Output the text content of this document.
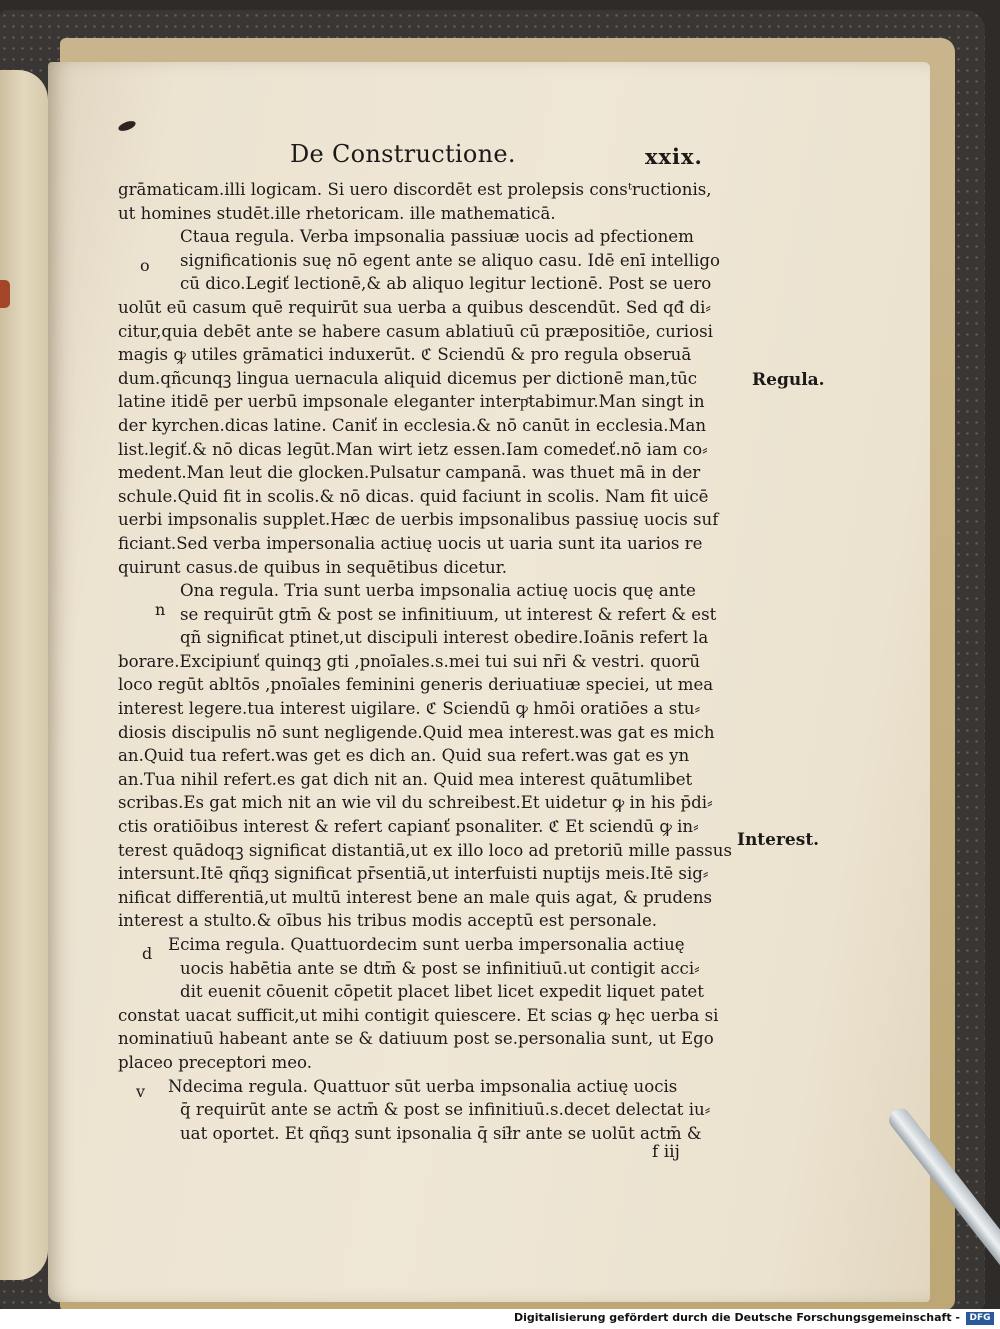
De Constructione.	xxix.
grāmaticam.illi logicam. Si uero discordēt est prolepsis consᵗructionis,
ut homines studēt.ille rhetoricam. ille mathematicā.
Ctaua regula. Verba impsonalia passiuæ uocis ad pfectionem
significationis suę nō egent ante se aliquo casu. Idē enī intelligo
cū dico.Legiť lectionē,& ab aliquo legitur lectionē. Post se uero
uolūt eū casum quē requirūt sua uerba a quibus descendūt. Sed qđ di⸗
citur,quia debēt ante se habere casum ablatiuū cū præpositiōe, curiosi
magis ꝙ utiles grāmatici induxerūt. ℭ Sciendū & pro regula obseruā
dum.qñcunqꝫ lingua uernacula aliquid dicemus per dictionē man,tūc
latine itidē per uerbū impsonale eleganter interpͨtabimur.Man singt in
der kyrchen.dicas latine. Caniť in ecclesia.& nō canūt in ecclesia.Man
list.legiť.& nō dicas legūt.Man wirt ietz essen.Iam comedeť.nō iam co⸗
medent.Man leut die glocken.Pulsatur campanā. was thuet mā in der
schule.Quid fit in scolis.& nō dicas. quid faciunt in scolis. Nam fit uicē
uerbi impsonalis supplet.Hæc de uerbis impsonalibus passiuę uocis suf
ficiant.Sed verba impersonalia actiuę uocis ut uaria sunt ita uarios re
quirunt casus.de quibus in sequētibus dicetur.
Ona regula. Tria sunt uerba impsonalia actiuę uocis quę ante
se requirūt gtm̄ & post se infinitiuum, ut interest & refert & est
qñ significat ptinet,ut discipuli interest obedire.Ioānis refert la
borare.Excipiunť quinqꝫ gti ,pnoīales.s.mei tui sui nr̄i & vestri. quorū
loco regūt abltōs ,pnoīales feminini generis deriuatiuæ speciei, ut mea
interest legere.tua interest uigilare. ℭ Sciendū ꝙ hmōi oratiōes a stu⸗
diosis discipulis nō sunt negligende.Quid mea interest.was gat es mich
an.Quid tua refert.was get es dich an. Quid sua refert.was gat es yn
an.Tua nihil refert.es gat dich nit an. Quid mea interest quātumlibet
scribas.Es gat mich nit an wie vil du schreibest.Et uidetur ꝙ in his p̄di⸗
ctis oratiōibus interest & refert capianť psonaliter. ℭ Et sciendū ꝙ in⸗
terest quādoqꝫ significat distantiā,ut ex illo loco ad pretoriū mille passus
intersunt.Itē qñqꝫ significat pr̄sentiā,ut interfuisti nuptijs meis.Itē sig⸗
nificat differentiā,ut multū interest bene an male quis agat, & prudens
interest a stulto.& oībus his tribus modis acceptū est personale.
Ecima regula. Quattuordecim sunt uerba impersonalia actiuę
uocis habētia ante se dtm̄ & post se infinitiuū.ut contigit acci⸗
dit euenit cōuenit cōpetit placet libet licet expedit liquet patet
constat uacat sufficit,ut mihi contigit quiescere. Et scias ꝙ hęc uerba si
nominatiuū habeant ante se & datiuum post se.personalia sunt, ut Ego
placeo preceptori meo.
Ndecima regula. Quattuor sūt uerba impsonalia actiuę uocis
q̄ requirūt ante se actm̄ & post se infinitiuū.s.decet delectat iu⸗
uat oportet. Et qñqꝫ sunt ipsonalia q̄ sił̄r ante se uolūt actm̄ &
o
n
d
v
Regula.
Interest.
f iij
Digitalisierung gefördert durch die Deutsche Forschungsgemeinschaft -	DFG
